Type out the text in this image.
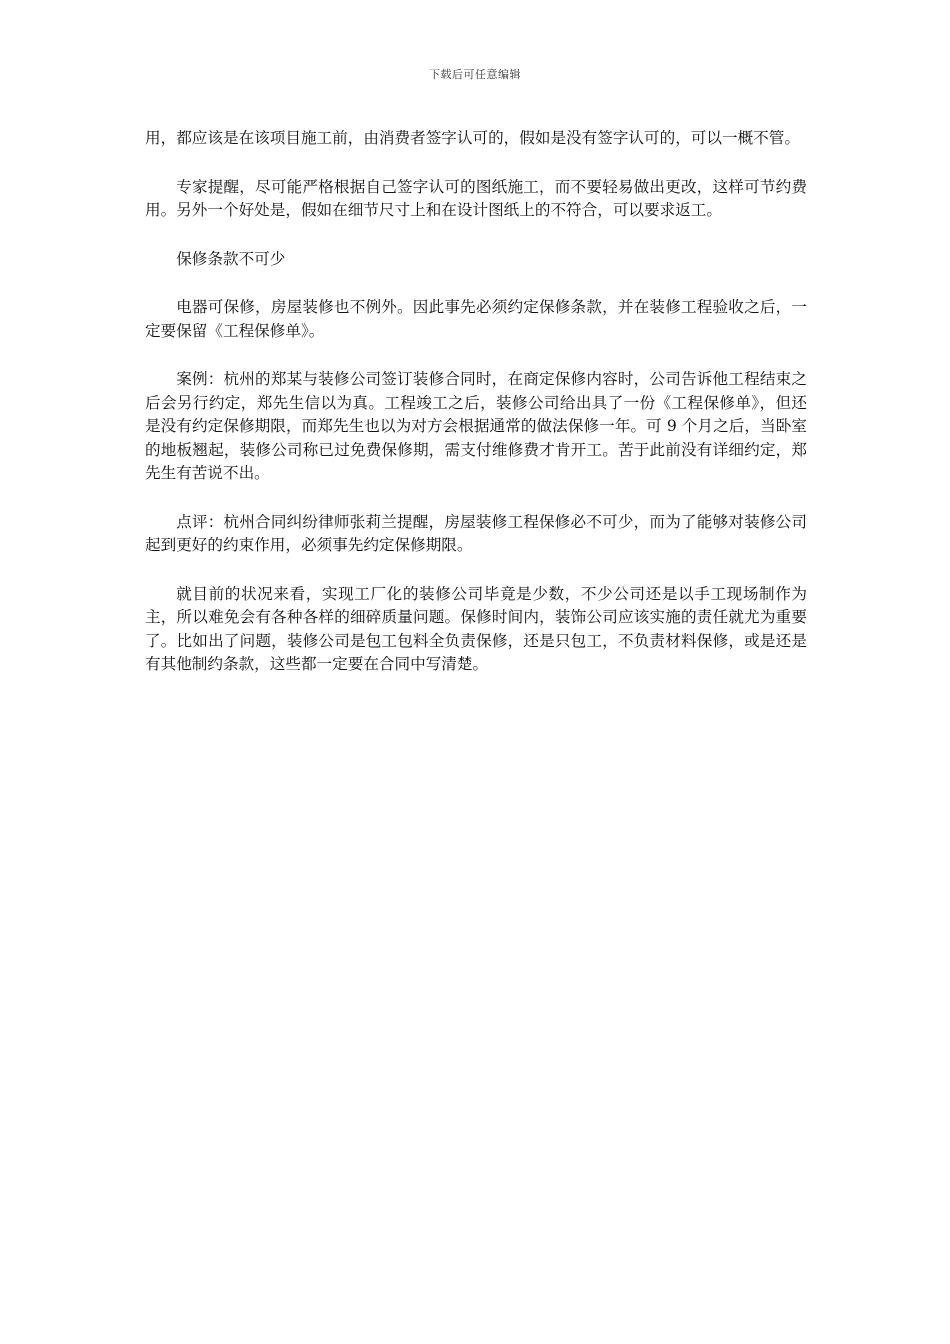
下载后可任意编辑

用，都应该是在该项目施工前，由消费者签字认可的，假如是没有签字认可的，可以一概不管。

专家提醒，尽可能严格根据自己签字认可的图纸施工，而不要轻易做出更改，这样可节约费用。另外一个好处是，假如在细节尺寸上和在设计图纸上的不符合，可以要求返工。

保修条款不可少

电器可保修，房屋装修也不例外。因此事先必须约定保修条款，并在装修工程验收之后，一定要保留《工程保修单》。

案例：杭州的郑某与装修公司签订装修合同时，在商定保修内容时，公司告诉他工程结束之后会另行约定，郑先生信以为真。工程竣工之后，装修公司给出具了一份《工程保修单》，但还是没有约定保修期限，而郑先生也以为对方会根据通常的做法保修一年。可 9 个月之后，当卧室的地板翘起，装修公司称已过免费保修期，需支付维修费才肯开工。苦于此前没有详细约定，郑先生有苦说不出。

点评：杭州合同纠纷律师张莉兰提醒，房屋装修工程保修必不可少，而为了能够对装修公司起到更好的约束作用，必须事先约定保修期限。

就目前的状况来看，实现工厂化的装修公司毕竟是少数，不少公司还是以手工现场制作为主，所以难免会有各种各样的细碎质量问题。保修时间内，装饰公司应该实施的责任就尤为重要了。比如出了问题，装修公司是包工包料全负责保修，还是只包工，不负责材料保修，或是还是有其他制约条款，这些都一定要在合同中写清楚。
